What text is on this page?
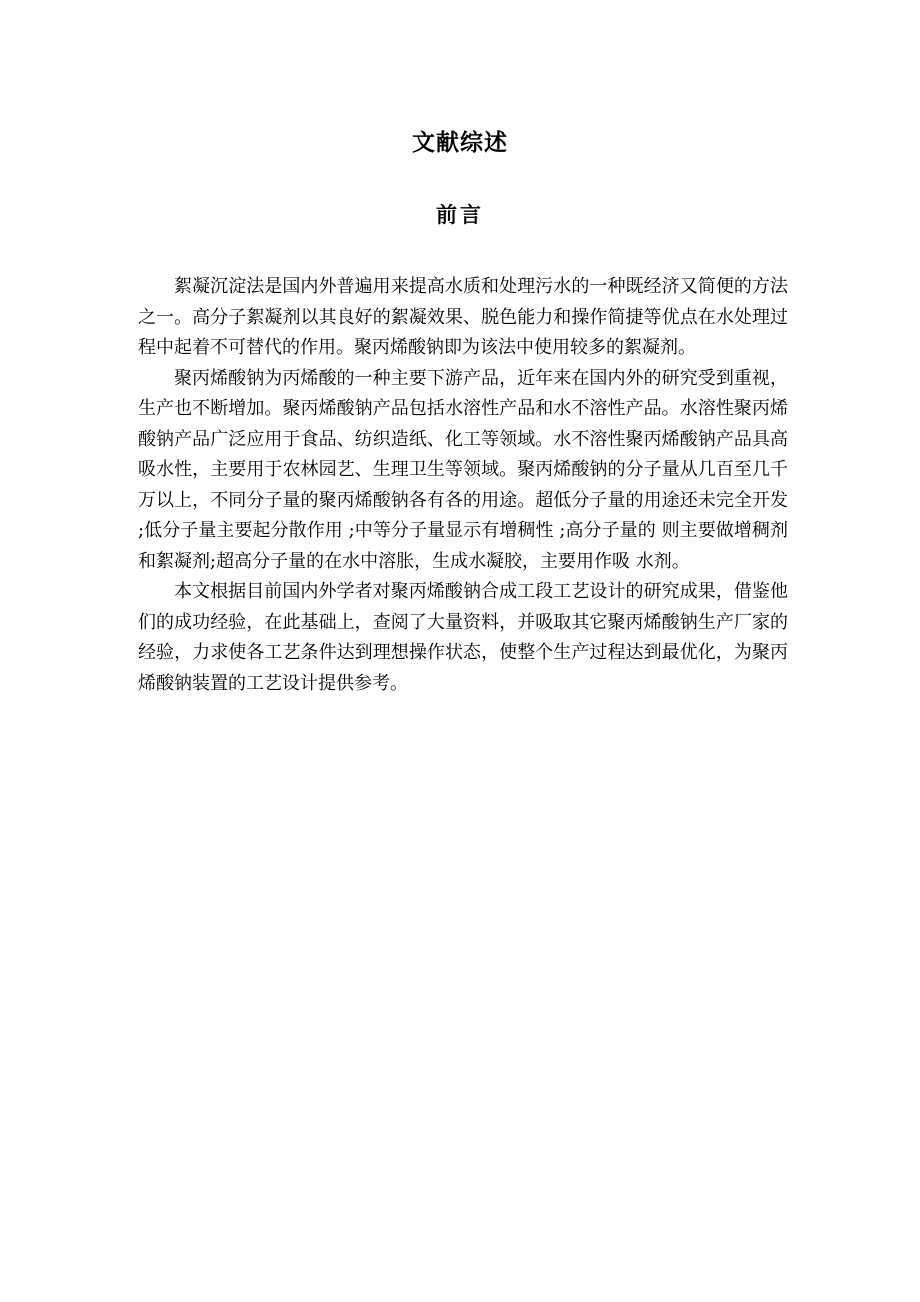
文献综述
前言

絮凝沉淀法是国内外普遍用来提高水质和处理污水的一种既经济又简便的方法之一。高分子絮凝剂以其良好的絮凝效果、脱色能力和操作简捷等优点在水处理过程中起着不可替代的作用。聚丙烯酸钠即为该法中使用较多的絮凝剂。

聚丙烯酸钠为丙烯酸的一种主要下游产品，近年来在国内外的研究受到重视，生产也不断增加。聚丙烯酸钠产品包括水溶性产品和水不溶性产品。水溶性聚丙烯酸钠产品广泛应用于食品、纺织造纸、化工等领域。水不溶性聚丙烯酸钠产品具高吸水性，主要用于农林园艺、生理卫生等领域。聚丙烯酸钠的分子量从几百至几千万以上，不同分子量的聚丙烯酸钠各有各的用途。超低分子量的用途还未完全开发 ;低分子量主要起分散作用 ;中等分子量显示有增稠性 ;高分子量的 则主要做增稠剂和絮凝剂;超高分子量的在水中溶胀，生成水凝胶，主要用作吸 水剂。

本文根据目前国内外学者对聚丙烯酸钠合成工段工艺设计的研究成果，借鉴他们的成功经验，在此基础上，查阅了大量资料，并吸取其它聚丙烯酸钠生产厂家的经验，力求使各工艺条件达到理想操作状态，使整个生产过程达到最优化，为聚丙烯酸钠装置的工艺设计提供参考。
